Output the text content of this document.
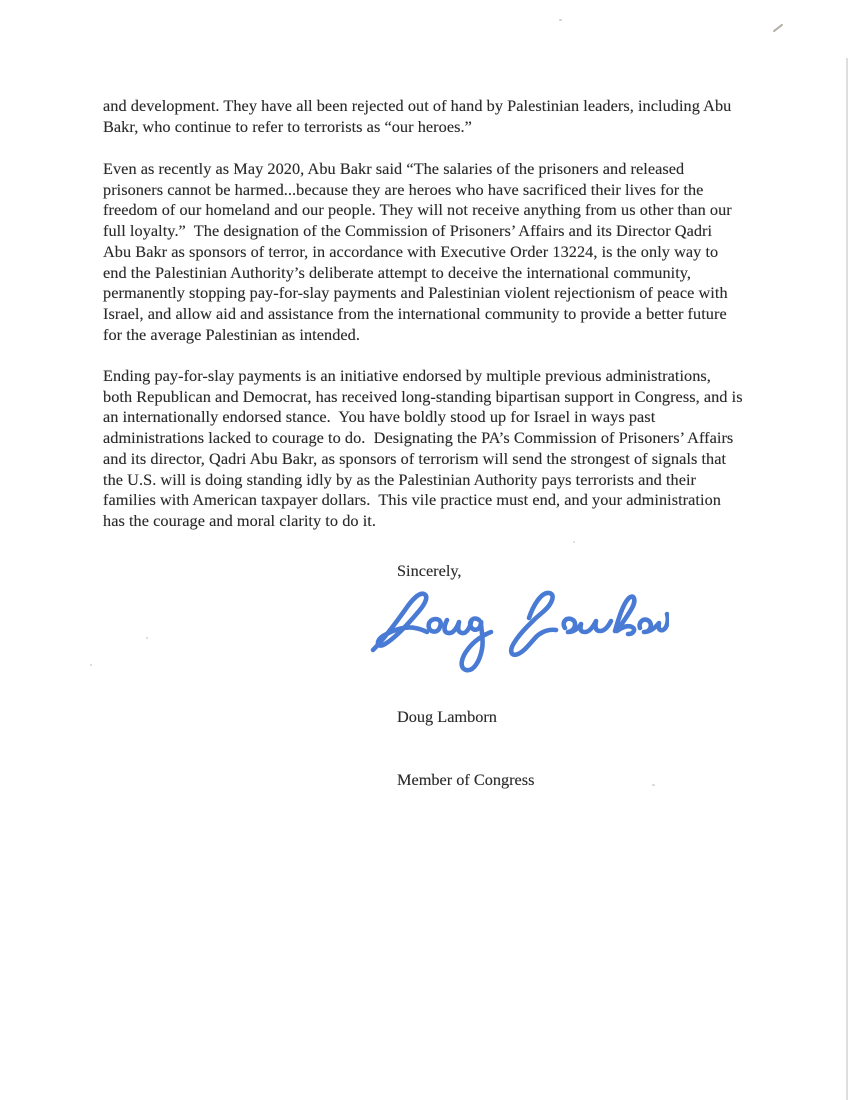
and development. They have all been rejected out of hand by Palestinian leaders, including Abu
Bakr, who continue to refer to terrorists as “our heroes.”
Even as recently as May 2020, Abu Bakr said “The salaries of the prisoners and released
prisoners cannot be harmed...because they are heroes who have sacrificed their lives for the
freedom of our homeland and our people. They will not receive anything from us other than our
full loyalty.”  The designation of the Commission of Prisoners’ Affairs and its Director Qadri
Abu Bakr as sponsors of terror, in accordance with Executive Order 13224, is the only way to
end the Palestinian Authority’s deliberate attempt to deceive the international community,
permanently stopping pay-for-slay payments and Palestinian violent rejectionism of peace with
Israel, and allow aid and assistance from the international community to provide a better future
for the average Palestinian as intended.
Ending pay-for-slay payments is an initiative endorsed by multiple previous administrations,
both Republican and Democrat, has received long-standing bipartisan support in Congress, and is
an internationally endorsed stance.  You have boldly stood up for Israel in ways past
administrations lacked to courage to do.  Designating the PA’s Commission of Prisoners’ Affairs
and its director, Qadri Abu Bakr, as sponsors of terrorism will send the strongest of signals that
the U.S. will is doing standing idly by as the Palestinian Authority pays terrorists and their
families with American taxpayer dollars.  This vile practice must end, and your administration
has the courage and moral clarity to do it.
Sincerely,

Doug Lamborn

Member of Congress
